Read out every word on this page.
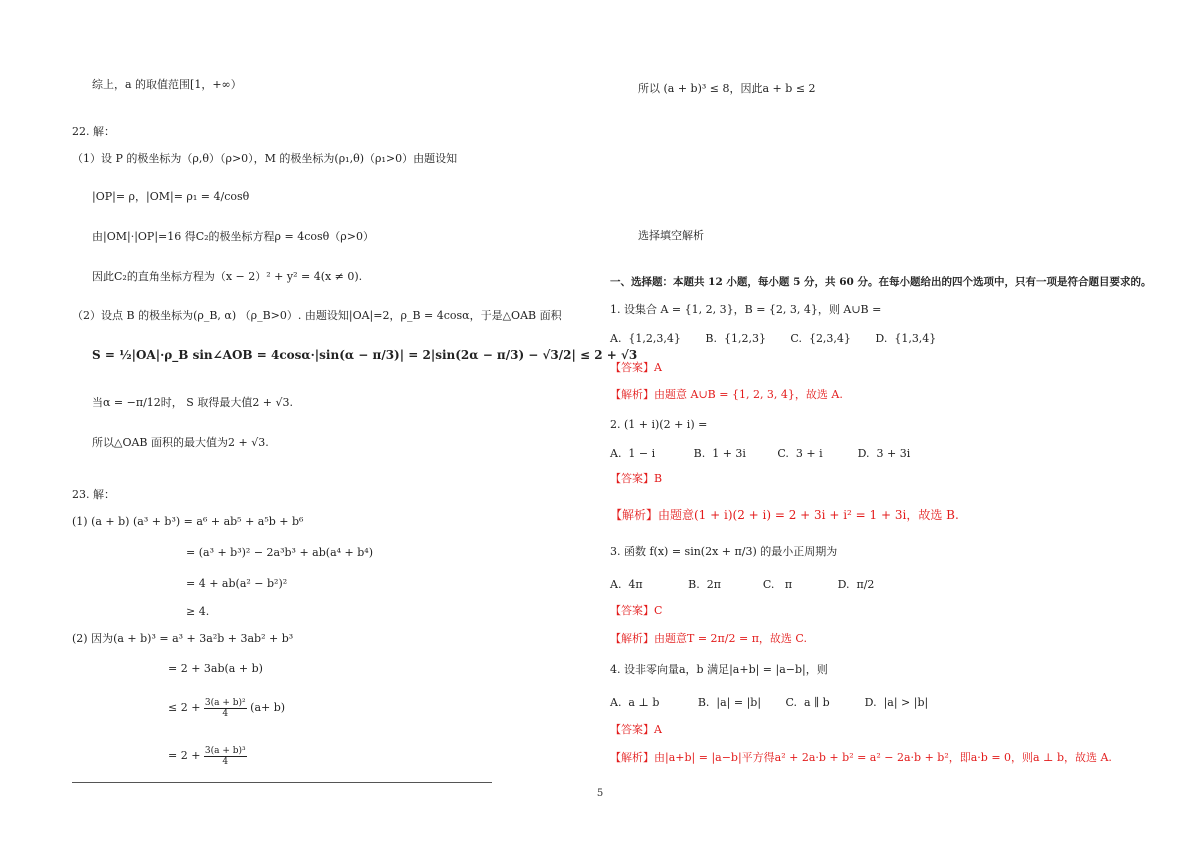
综上，a 的取值范围[1，+∞）
22. 解：
（1）设 P 的极坐标为（ρ,θ）（ρ>0），M 的极坐标为(ρ₁,θ)（ρ₁>0）由题设知
|OP|= ρ，|OM|= ρ₁ = 4/cosθ
由|OM|·|OP|=16 得C₂的极坐标方程ρ = 4cosθ（ρ>0）
因此C₂的直角坐标方程为（x − 2）² + y² = 4(x ≠ 0).
（2）设点 B 的极坐标为(ρ_B, α) （ρ_B>0）. 由题设知|OA|=2，ρ_B = 4cosα，于是△OAB 面积
S = ½|OA|·ρ_B sin∠AOB = 4cosα·|sin(α − π/3)| = 2|sin(2α − π/3) − √3/2| ≤ 2 + √3
当α = −π/12时， S 取得最大值2 + √3.
所以△OAB 面积的最大值为2 + √3.
23. 解：
(1) (a + b) (a³ + b³) = a⁶ + ab⁵ + a⁵b + b⁶
= (a³ + b³)² − 2a³b³ + ab(a⁴ + b⁴)
= 4 + ab(a² − b²)²
≥ 4.
(2) 因为(a + b)³ = a³ + 3a²b + 3ab² + b³
= 2 + 3ab(a + b)
≤ $2 + \frac{\text{3(a + b)²}}{4} (a+ b)$
= $2 + \frac{\text{3(a + b)³}}{4}$
所以 (a + b)³ ≤ 8，因此a + b ≤ 2
选择填空解析
一、选择题：本题共 12 小题，每小题 5 分，共 60 分。在每小题给出的四个选项中，只有一项是符合题目要求的。
1. 设集合 A = {1, 2, 3}，B = {2, 3, 4}，则 A∪B =
A.  {1,2,3,4}       B.  {1,2,3}       C.  {2,3,4}       D.  {1,3,4}
【答案】A
【解析】由题意 A∪B = {1, 2, 3, 4}，故选 A.
2. (1 + i)(2 + i) =
A.  1 − i           B.  1 + 3i         C.  3 + i          D.  3 + 3i
【答案】B
【解析】由题意(1 + i)(2 + i) = 2 + 3i + i² = 1 + 3i，故选 B.
3. 函数 f(x) = sin(2x + π/3) 的最小正周期为
A.  4π             B.  2π            C.   π             D.  π/2
【答案】C
【解析】由题意T = 2π/2 = π，故选 C.
4. 设非零向量a，b 满足|a+b| = |a−b|，则
A.  a ⊥ b           B.  |a| = |b|       C.  a ∥ b          D.  |a| > |b|
【答案】A
【解析】由|a+b| = |a−b|平方得a² + 2a·b + b² = a² − 2a·b + b²，即a·b = 0，则a ⊥ b，故选 A.
5
